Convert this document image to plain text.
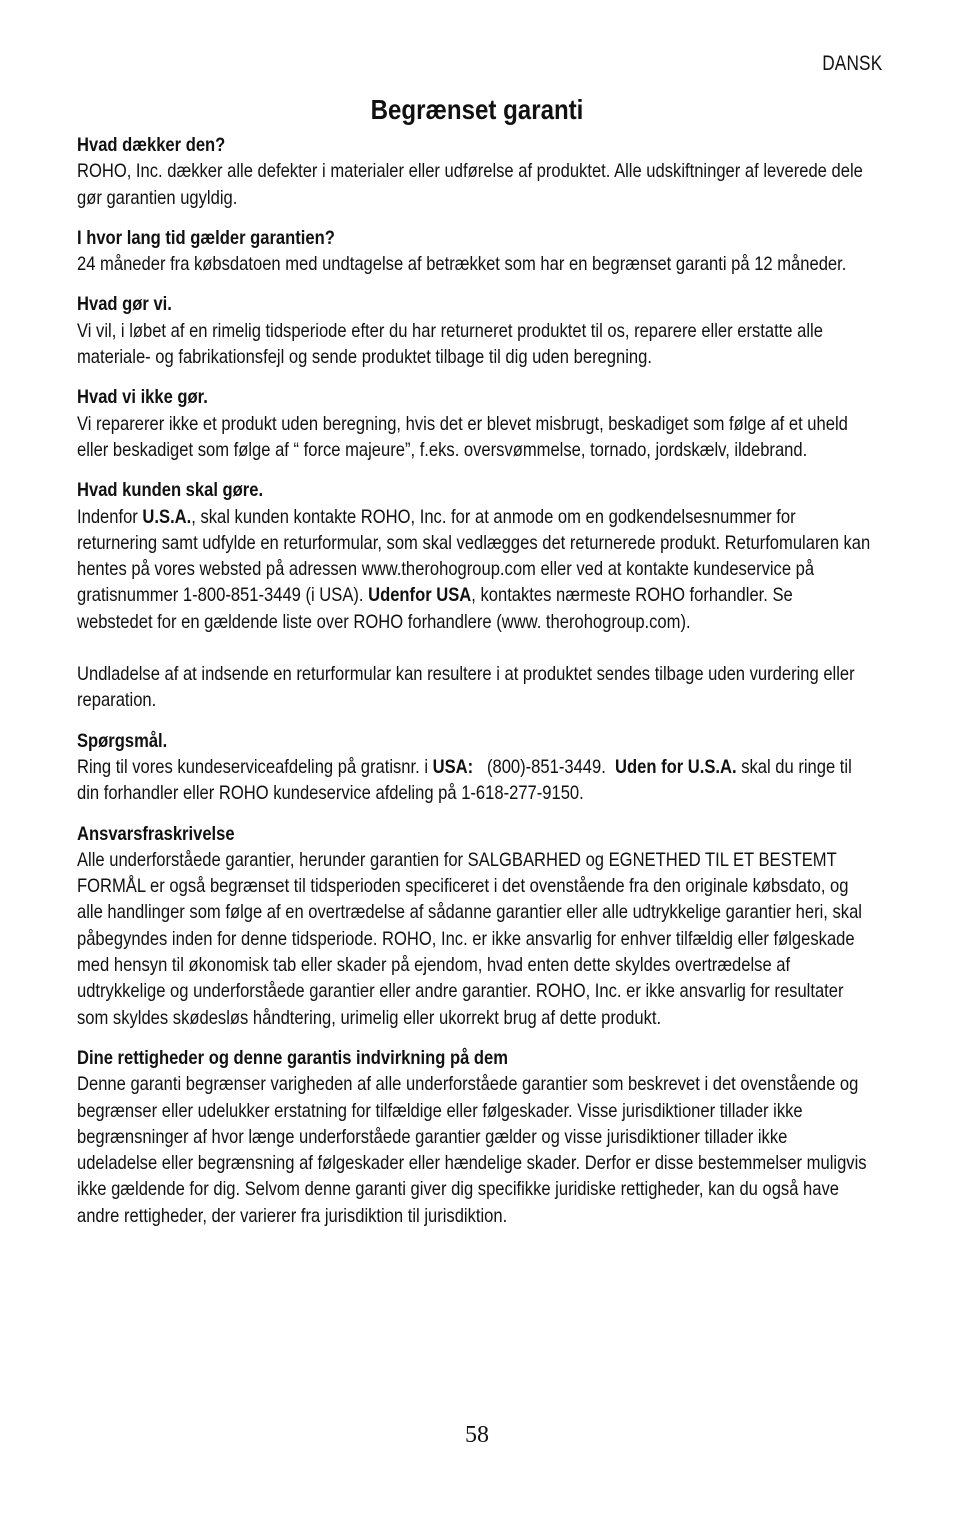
DANSK
Begrænset garanti
Hvad dækker den?

ROHO, Inc. dækker alle defekter i materialer eller udførelse af produktet. Alle udskiftninger af leverede dele gør garantien ugyldig.

I hvor lang tid gælder garantien?

24 måneder fra købsdatoen med undtagelse af betrækket som har en begrænset garanti på 12 måneder.

Hvad gør vi.

Vi vil, i løbet af en rimelig tidsperiode efter du har returneret produktet til os, reparere eller erstatte alle materiale- og fabrikationsfejl og sende produktet tilbage til dig uden beregning.

Hvad vi ikke gør.

Vi reparerer ikke et produkt uden beregning, hvis det er blevet misbrugt, beskadiget som følge af et uheld eller beskadiget som følge af “ force majeure”, f.eks. oversvømmelse, tornado, jordskælv, ildebrand.

Hvad kunden skal gøre.

Indenfor U.S.A., skal kunden kontakte ROHO, Inc. for at anmode om en godkendelsesnummer for returnering samt udfylde en returformular, som skal vedlægges det returnerede produkt. Returfomularen kan hentes på vores websted på adressen www.therohogroup.com eller ved at kontakte kundeservice på gratisnummer 1-800-851-3449 (i USA). Udenfor USA, kontaktes nærmeste ROHO forhandler. Se webstedet for en gældende liste over ROHO forhandlere (www. therohogroup.com).

Undladelse af at indsende en returformular kan resultere i at produktet sendes tilbage uden vurdering eller reparation.

Spørgsmål.

Ring til vores kundeserviceafdeling på gratisnr. i USA:   (800)-851-3449.  Uden for U.S.A. skal du ringe til din forhandler eller ROHO kundeservice afdeling på 1-618-277-9150.

Ansvarsfraskrivelse

Alle underforståede garantier, herunder garantien for SALGBARHED og EGNETHED TIL ET BESTEMT FORMÅL er også begrænset til tidsperioden specificeret i det ovenstående fra den originale købsdato, og alle handlinger som følge af en overtrædelse af sådanne garantier eller alle udtrykkelige garantier heri, skal påbegyndes inden for denne tidsperiode. ROHO, Inc. er ikke ansvarlig for enhver tilfældig eller følgeskade med hensyn til økonomisk tab eller skader på ejendom, hvad enten dette skyldes overtrædelse af udtrykkelige og underforståede garantier eller andre garantier. ROHO, Inc. er ikke ansvarlig for resultater som skyldes skødesløs håndtering, urimelig eller ukorrekt brug af dette produkt.

Dine rettigheder og denne garantis indvirkning på dem

Denne garanti begrænser varigheden af alle underforståede garantier som beskrevet i det ovenstående og begrænser eller udelukker erstatning for tilfældige eller følgeskader. Visse jurisdiktioner tillader ikke begrænsninger af hvor længe underforståede garantier gælder og visse jurisdiktioner tillader ikke udeladelse eller begrænsning af følgeskader eller hændelige skader. Derfor er disse bestemmelser muligvis ikke gældende for dig. Selvom denne garanti giver dig specifikke juridiske rettigheder, kan du også have andre rettigheder, der varierer fra jurisdiktion til jurisdiktion.

58
